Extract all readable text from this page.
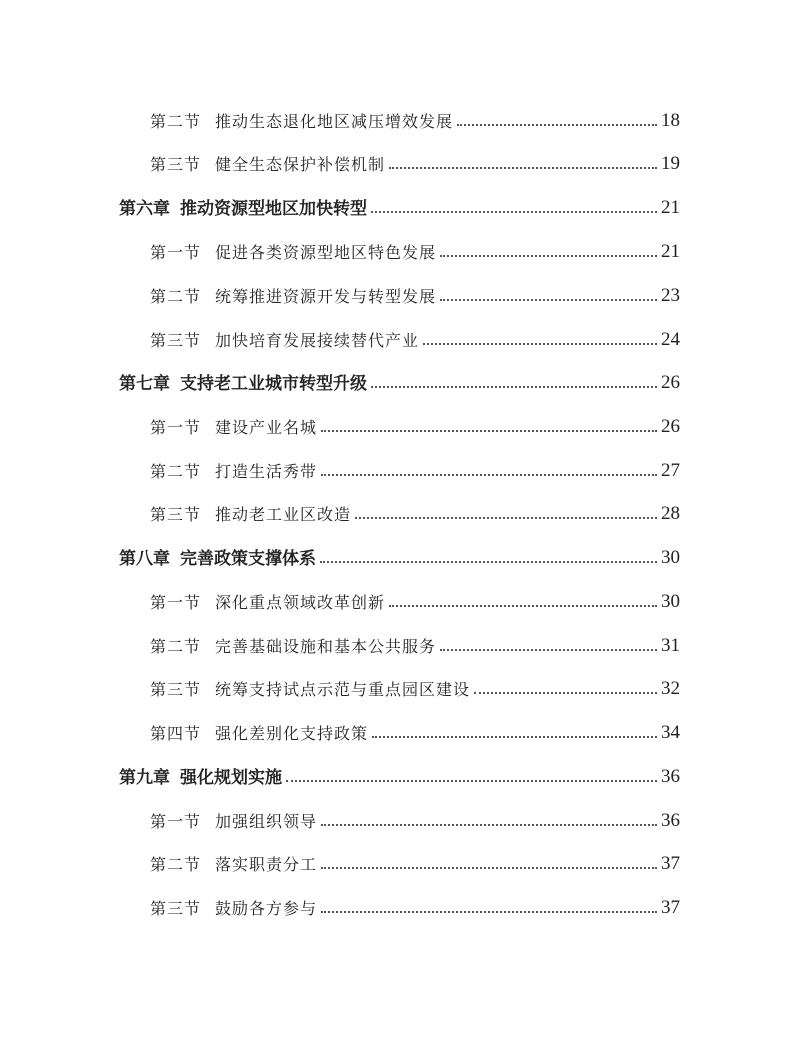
第二节 推动生态退化地区减压增效发展	18
第三节 健全生态保护补偿机制	19
第六章 推动资源型地区加快转型	21
第一节 促进各类资源型地区特色发展	21
第二节 统筹推进资源开发与转型发展	23
第三节 加快培育发展接续替代产业	24
第七章 支持老工业城市转型升级	26
第一节 建设产业名城	26
第二节 打造生活秀带	27
第三节 推动老工业区改造	28
第八章 完善政策支撑体系	30
第一节 深化重点领域改革创新	30
第二节 完善基础设施和基本公共服务	31
第三节 统筹支持试点示范与重点园区建设	32
第四节 强化差别化支持政策	34
第九章 强化规划实施	36
第一节 加强组织领导	36
第二节 落实职责分工	37
第三节 鼓励各方参与	37
